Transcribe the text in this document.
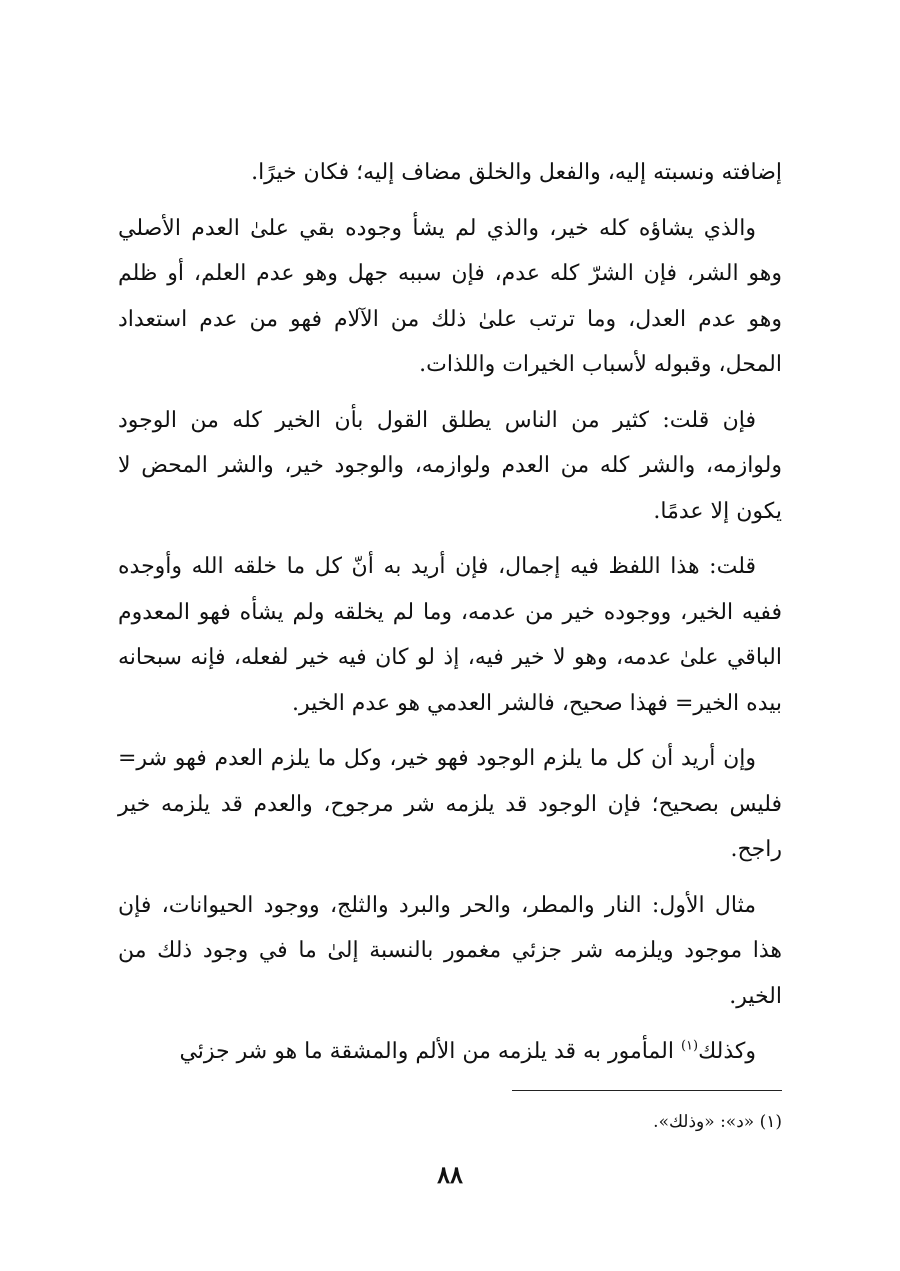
إضافته ونسبته إليه، والفعل والخلق مضاف إليه؛ فكان خيرًا.

والذي يشاؤه كله خير، والذي لم يشأ وجوده بقي علىٰ العدم الأصلي وهو الشر، فإن الشرّ كله عدم، فإن سببه جهل وهو عدم العلم، أو ظلم وهو عدم العدل، وما ترتب علىٰ ذلك من الآلام فهو من عدم استعداد المحل، وقبوله لأسباب الخيرات واللذات.

فإن قلت: كثير من الناس يطلق القول بأن الخير كله من الوجود ولوازمه، والشر كله من العدم ولوازمه، والوجود خير، والشر المحض لا يكون إلا عدمًا.

قلت: هذا اللفظ فيه إجمال، فإن أريد به أنّ كل ما خلقه الله وأوجده ففيه الخير، ووجوده خير من عدمه، وما لم يخلقه ولم يشأه فهو المعدوم الباقي علىٰ عدمه، وهو لا خير فيه، إذ لو كان فيه خير لفعله، فإنه سبحانه بيده الخير= فهذا صحيح، فالشر العدمي هو عدم الخير.

وإن أريد أن كل ما يلزم الوجود فهو خير، وكل ما يلزم العدم فهو شر= فليس بصحيح؛ فإن الوجود قد يلزمه شر مرجوح، والعدم قد يلزمه خير راجح.

مثال الأول: النار والمطر، والحر والبرد والثلج، ووجود الحيوانات، فإن هذا موجود ويلزمه شر جزئي مغمور بالنسبة إلىٰ ما في وجود ذلك من الخير.

وكذلك$^{(١)}$ المأمور به قد يلزمه من الألم والمشقة ما هو شر جزئي

(١) «د»: «وذلك».
٨٨
